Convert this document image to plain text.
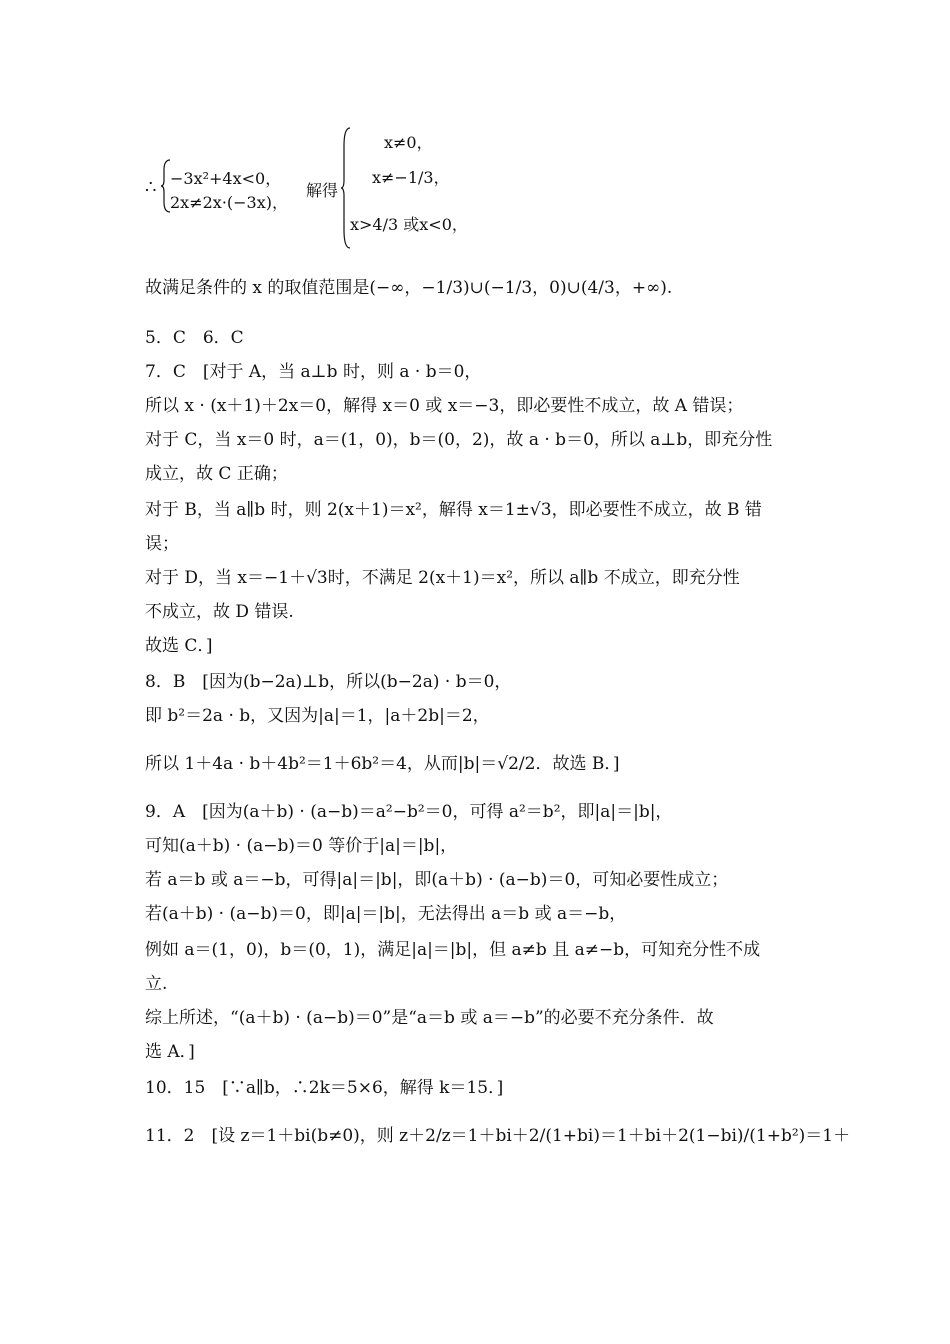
∴ −3x²+4x<0，
2x≠2x·(−3x)，
解得
x≠0，
x≠−1/3，
x>4/3 或x<0，
故满足条件的 x 的取值范围是(−∞，−1/3)∪(−1/3，0)∪(4/3，+∞).
5．C　6．C
7．C　[对于 A，当 a⊥b 时，则 a · b＝0，
所以 x · (x＋1)＋2x＝0，解得 x＝0 或 x＝−3，即必要性不成立，故 A 错误；
对于 C，当 x＝0 时，a＝(1，0)，b＝(0，2)，故 a · b＝0，所以 a⊥b，即充分性
成立，故 C 正确；
对于 B，当 a∥b 时，则 2(x＋1)＝x²，解得 x＝1±√3，即必要性不成立，故 B 错
误；
对于 D，当 x＝−1＋√3时，不满足 2(x＋1)＝x²，所以 a∥b 不成立，即充分性
不成立，故 D 错误.
故选 C．]
8．B　[因为(b−2a)⊥b，所以(b−2a) · b＝0，
即 b²＝2a · b，又因为|a|＝1，|a＋2b|＝2，
所以 1＋4a · b＋4b²＝1＋6b²＝4，从而|b|＝√2/2．故选 B．]
9．A　[因为(a＋b) · (a−b)＝a²−b²＝0，可得 a²＝b²，即|a|＝|b|，
可知(a＋b) · (a−b)＝0 等价于|a|＝|b|，
若 a＝b 或 a＝−b，可得|a|＝|b|，即(a＋b) · (a−b)＝0，可知必要性成立；
若(a＋b) · (a−b)＝0，即|a|＝|b|，无法得出 a＝b 或 a＝−b，
例如 a＝(1，0)，b＝(0，1)，满足|a|＝|b|，但 a≠b 且 a≠−b，可知充分性不成
立.
综上所述，“(a＋b) · (a−b)＝0”是“a＝b 或 a＝−b”的必要不充分条件．故
选 A．]
10．15　[∵a∥b，∴2k＝5×6，解得 k＝15．]
11．2　[设 z＝1＋bi(b≠0)，则 z＋2/z＝1＋bi＋2/(1+bi)＝1＋bi＋2(1−bi)/(1+b²)＝1＋
